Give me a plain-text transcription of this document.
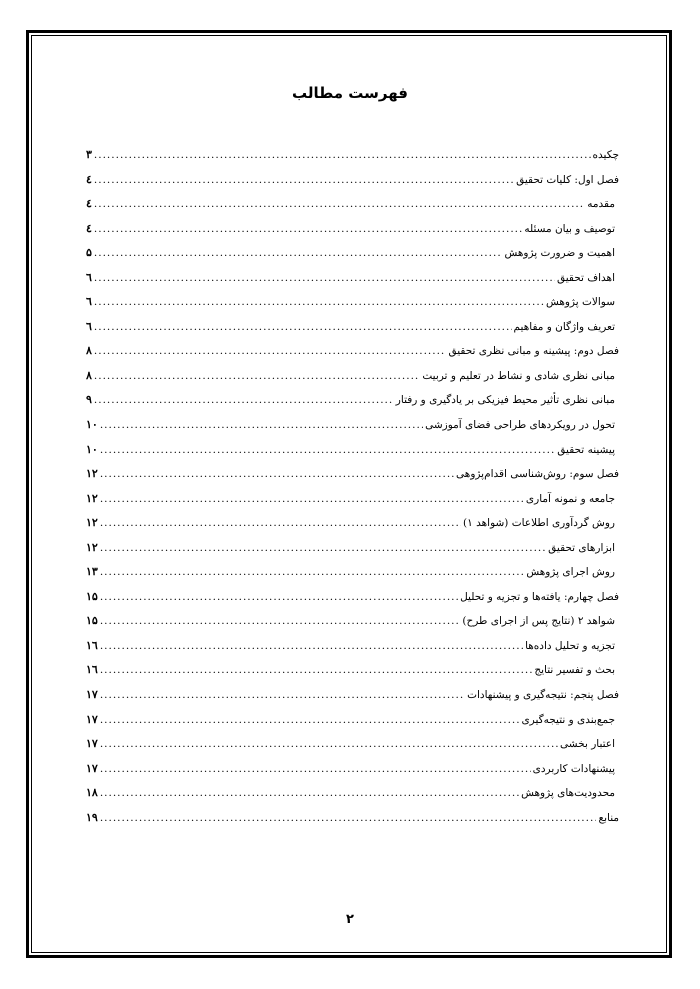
فهرست مطالب
چکیده
.....
۳
فصل اول: کلیات تحقیق
.....
٤
مقدمه
.....
٤
توصیف و بیان مسئله
.....
٤
اهمیت و ضرورت پژوهش
.....
۵
اهداف تحقیق
.....
٦
سوالات پژوهش
.....
٦
تعریف واژگان و مفاهیم
.....
٦
فصل دوم: پیشینه و مبانی نظری تحقیق
.....
۸
مبانی نظری شادی و نشاط در تعلیم و تربیت
.....
۸
مبانی نظری تأثیر محیط فیزیکی بر یادگیری و رفتار
.....
۹
تحول در رویکردهای طراحی فضای آموزشی
.....
۱۰
پیشینه تحقیق
.....
۱۰
فصل سوم: روش‌شناسی اقدام‌پژوهی
.....
۱۲
جامعه و نمونه آماری
.....
۱۲
روش گردآوری اطلاعات (شواهد ۱)
.....
۱۲
ابزارهای تحقیق
.....
۱۲
روش اجرای پژوهش
.....
۱۳
فصل چهارم: یافته‌ها و تجزیه و تحلیل
.....
۱۵
شواهد ۲ (نتایج پس از اجرای طرح)
.....
۱۵
تجزیه و تحلیل داده‌ها
.....
۱٦
بحث و تفسیر نتایج
.....
۱٦
فصل پنجم: نتیجه‌گیری و پیشنهادات
.....
۱۷
جمع‌بندی و نتیجه‌گیری
.....
۱۷
اعتبار بخشی
.....
۱۷
پیشنهادات کاربردی
.....
۱۷
محدودیت‌های پژوهش
.....
۱۸
منابع
.....
۱۹
۲
